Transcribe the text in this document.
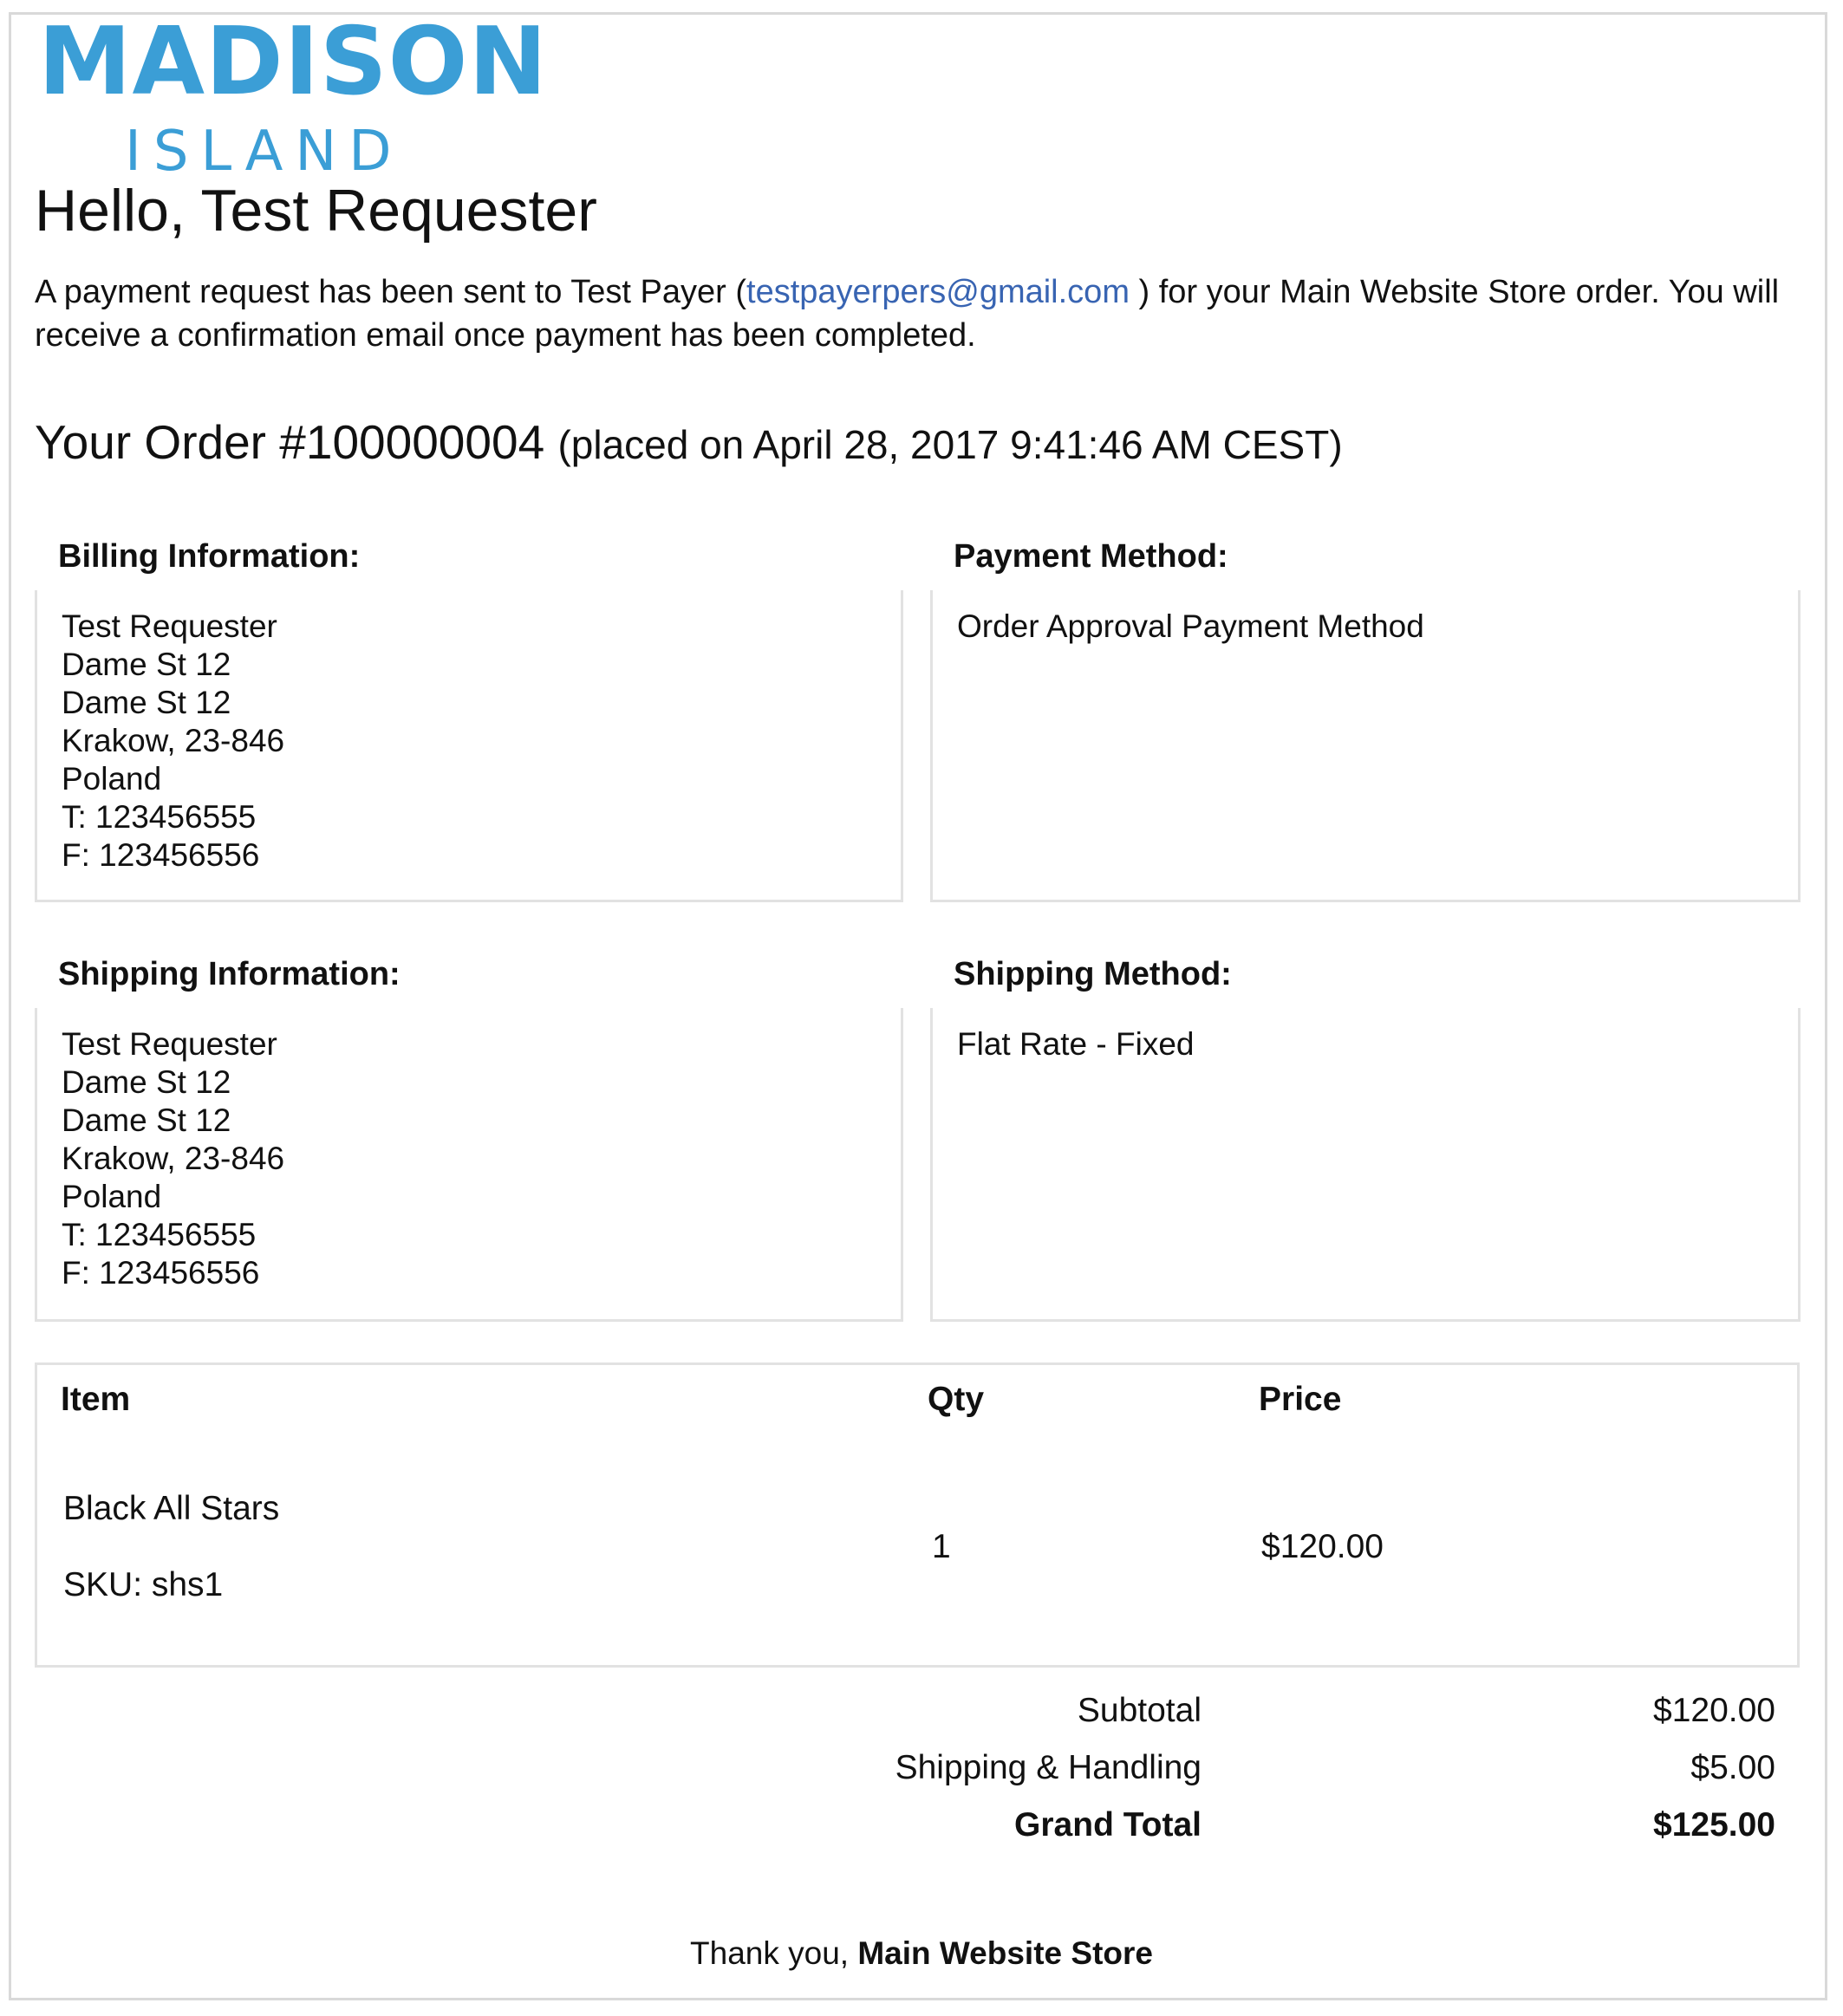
MADISON
ISLAND
Hello, Test Requester
A payment request has been sent to Test Payer (testpayerpers@gmail.com ) for your Main Website Store order. You will receive a confirmation email once payment has been completed.
Your Order #100000004 (placed on April 28, 2017 9:41:46 AM CEST)
Billing Information:
Test Requester
Dame St 12
Dame St 12
Krakow, 23-846
Poland
T: 123456555
F: 123456556
Payment Method:
Order Approval Payment Method
Shipping Information:
Test Requester
Dame St 12
Dame St 12
Krakow, 23-846
Poland
T: 123456555
F: 123456556
Shipping Method:
Flat Rate - Fixed
Item	Qty	Price
Black All Stars
SKU: shs1
1	$120.00
Subtotal	$120.00
Shipping & Handling	$5.00
Grand Total	$125.00
Thank you, Main Website Store
